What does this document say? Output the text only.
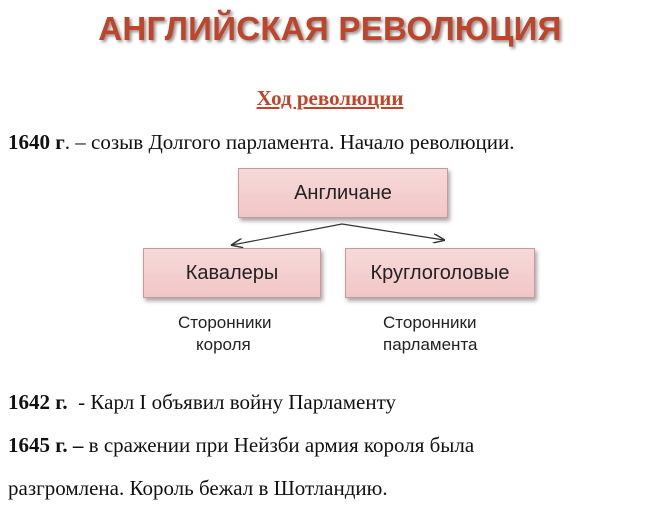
АНГЛИЙСКАЯ РЕВОЛЮЦИЯ
Ход революции
1640 г. – созыв Долгого парламента. Начало революции.
Англичане
Кавалеры	Круглоголовые
Сторонники
короля
Сторонники
парламента
1642 г.  - Карл I объявил войну Парламенту
1645 г. – в сражении при Нейзби армия короля была
разгромлена. Король бежал в Шотландию.
